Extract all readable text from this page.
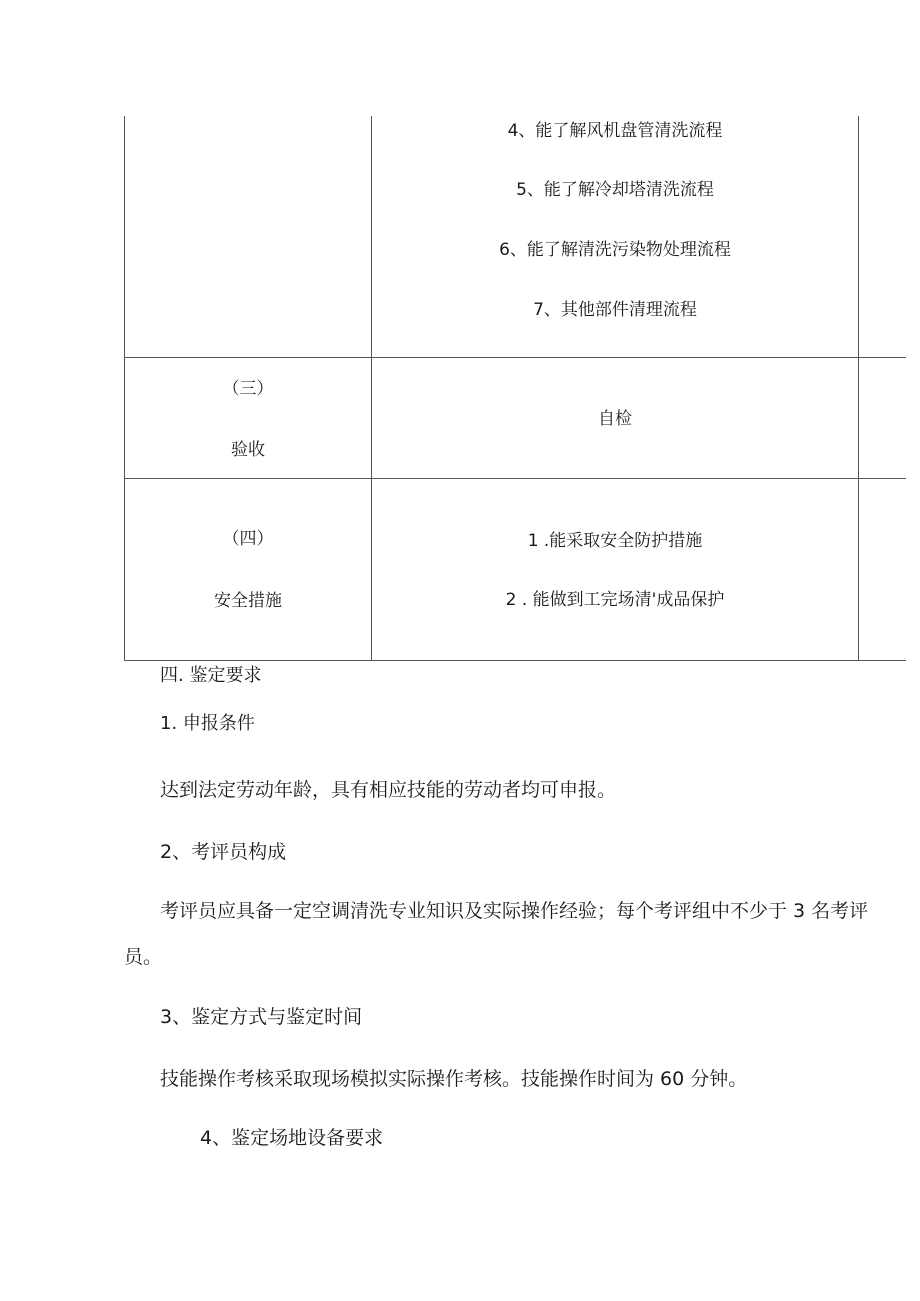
4、能了解风机盘管清洗流程
5、能了解冷却塔清洗流程
6、能了解清洗污染物处理流程
7、其他部件清理流程
（三）
验收
自检
（四）
安全措施
1 .能采取安全防护措施
2 . 能做到工完场清'成品保护
四. 鉴定要求
1. 申报条件
达到法定劳动年龄，具有相应技能的劳动者均可申报。
2、考评员构成
考评员应具备一定空调清洗专业知识及实际操作经验；每个考评组中不少于 3 名考评
员。
3、鉴定方式与鉴定时间
技能操作考核采取现场模拟实际操作考核。技能操作时间为 60 分钟。
4、鉴定场地设备要求
